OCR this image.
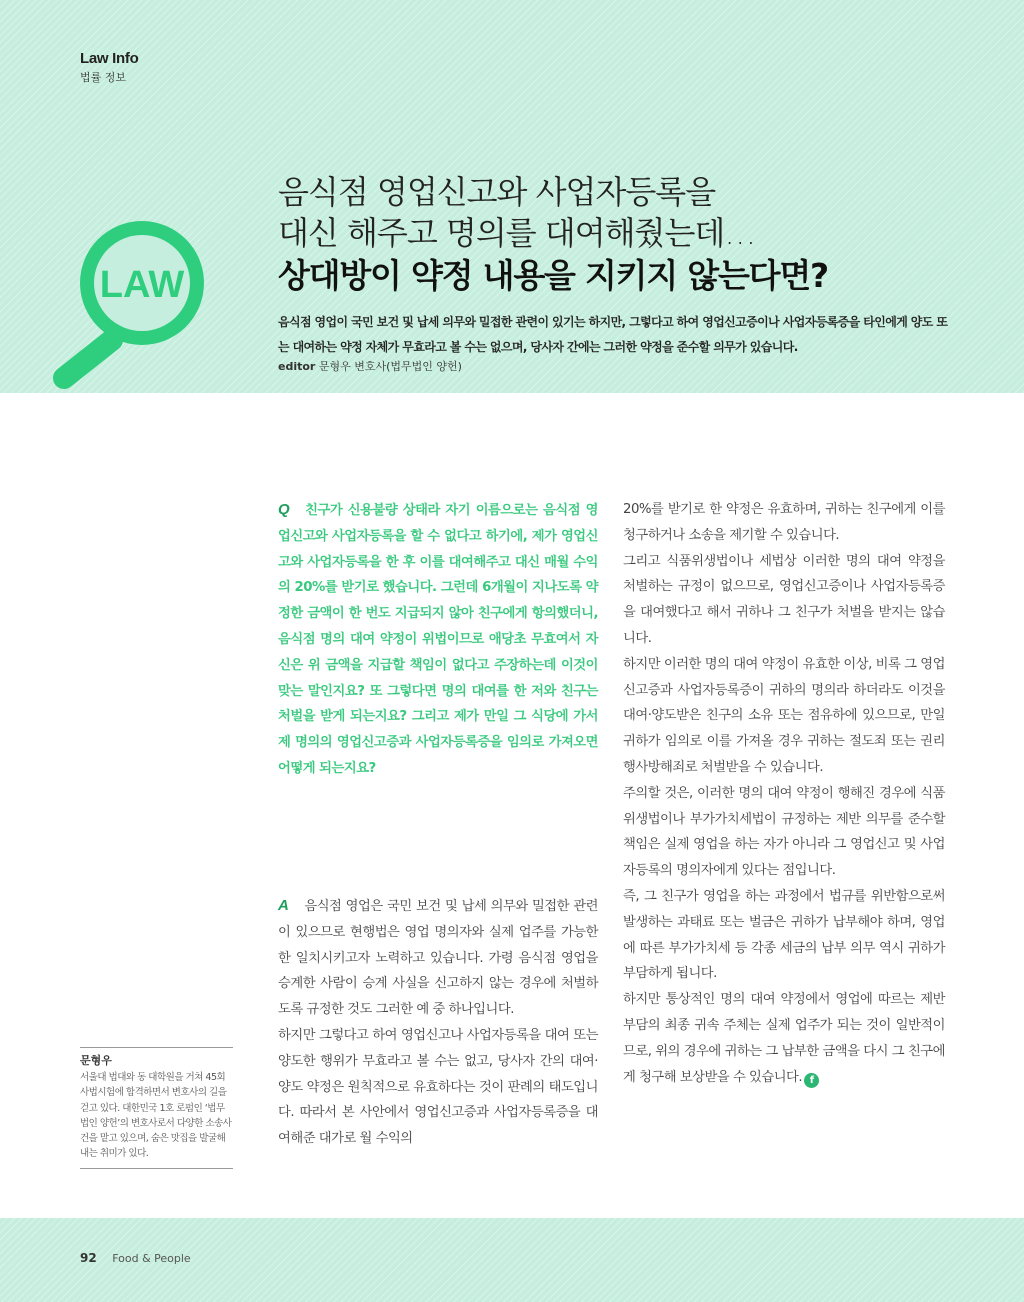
Law Info
법률 정보
LAW
음식점 영업신고와 사업자등록을
대신 해주고 명의를 대여해줬는데…
상대방이 약정 내용을 지키지 않는다면?
음식점 영업이 국민 보건 및 납세 의무와 밀접한 관련이 있기는 하지만, 그렇다고 하여 영업신고증이나 사업자등록증을 타인에게 양도 또는 대여하는 약정 자체가 무효라고 볼 수는 없으며, 당사자 간에는 그러한 약정을 준수할 의무가 있습니다.
editor 문형우 변호사(법무법인 양헌)
Q 친구가 신용불량 상태라 자기 이름으로는 음식점 영업신고와 사업자등록을 할 수 없다고 하기에, 제가 영업신고와 사업자등록을 한 후 이를 대여해주고 대신 매월 수익의 20%를 받기로 했습니다. 그런데 6개월이 지나도록 약정한 금액이 한 번도 지급되지 않아 친구에게 항의했더니, 음식점 명의 대여 약정이 위법이므로 애당초 무효여서 자신은 위 금액을 지급할 책임이 없다고 주장하는데 이것이 맞는 말인지요? 또 그렇다면 명의 대여를 한 저와 친구는 처벌을 받게 되는지요? 그리고 제가 만일 그 식당에 가서 제 명의의 영업신고증과 사업자등록증을 임의로 가져오면 어떻게 되는지요?
A 음식점 영업은 국민 보건 및 납세 의무와 밀접한 관련이 있으므로 현행법은 영업 명의자와 실제 업주를 가능한 한 일치시키고자 노력하고 있습니다. 가령 음식점 영업을 승계한 사람이 승계 사실을 신고하지 않는 경우에 처벌하도록 규정한 것도 그러한 예 중 하나입니다.
하지만 그렇다고 하여 영업신고나 사업자등록을 대여 또는 양도한 행위가 무효라고 볼 수는 없고, 당사자 간의 대여·양도 약정은 원칙적으로 유효하다는 것이 판례의 태도입니다. 따라서 본 사안에서 영업신고증과 사업자등록증을 대여해준 대가로 월 수익의
20%를 받기로 한 약정은 유효하며, 귀하는 친구에게 이를 청구하거나 소송을 제기할 수 있습니다.
그리고 식품위생법이나 세법상 이러한 명의 대여 약정을 처벌하는 규정이 없으므로, 영업신고증이나 사업자등록증을 대여했다고 해서 귀하나 그 친구가 처벌을 받지는 않습니다.
하지만 이러한 명의 대여 약정이 유효한 이상, 비록 그 영업신고증과 사업자등록증이 귀하의 명의라 하더라도 이것을 대여·양도받은 친구의 소유 또는 점유하에 있으므로, 만일 귀하가 임의로 이를 가져올 경우 귀하는 절도죄 또는 권리행사방해죄로 처벌받을 수 있습니다.
주의할 것은, 이러한 명의 대여 약정이 행해진 경우에 식품위생법이나 부가가치세법이 규정하는 제반 의무를 준수할 책임은 실제 영업을 하는 자가 아니라 그 영업신고 및 사업자등록의 명의자에게 있다는 점입니다.
즉, 그 친구가 영업을 하는 과정에서 법규를 위반함으로써 발생하는 과태료 또는 벌금은 귀하가 납부해야 하며, 영업에 따른 부가가치세 등 각종 세금의 납부 의무 역시 귀하가 부담하게 됩니다.
하지만 통상적인 명의 대여 약정에서 영업에 따르는 제반 부담의 최종 귀속 주체는 실제 업주가 되는 것이 일반적이므로, 위의 경우에 귀하는 그 납부한 금액을 다시 그 친구에게 청구해 보상받을 수 있습니다. f
문형우
서울대 법대와 동 대학원을 거쳐 45회 사법시험에 합격하면서 변호사의 길을 걷고 있다. 대한민국 1호 로펌인 ‘법무법인 양헌’의 변호사로서 다양한 소송사건을 맡고 있으며, 숨은 맛집을 발굴해내는 취미가 있다.
92 Food & People
